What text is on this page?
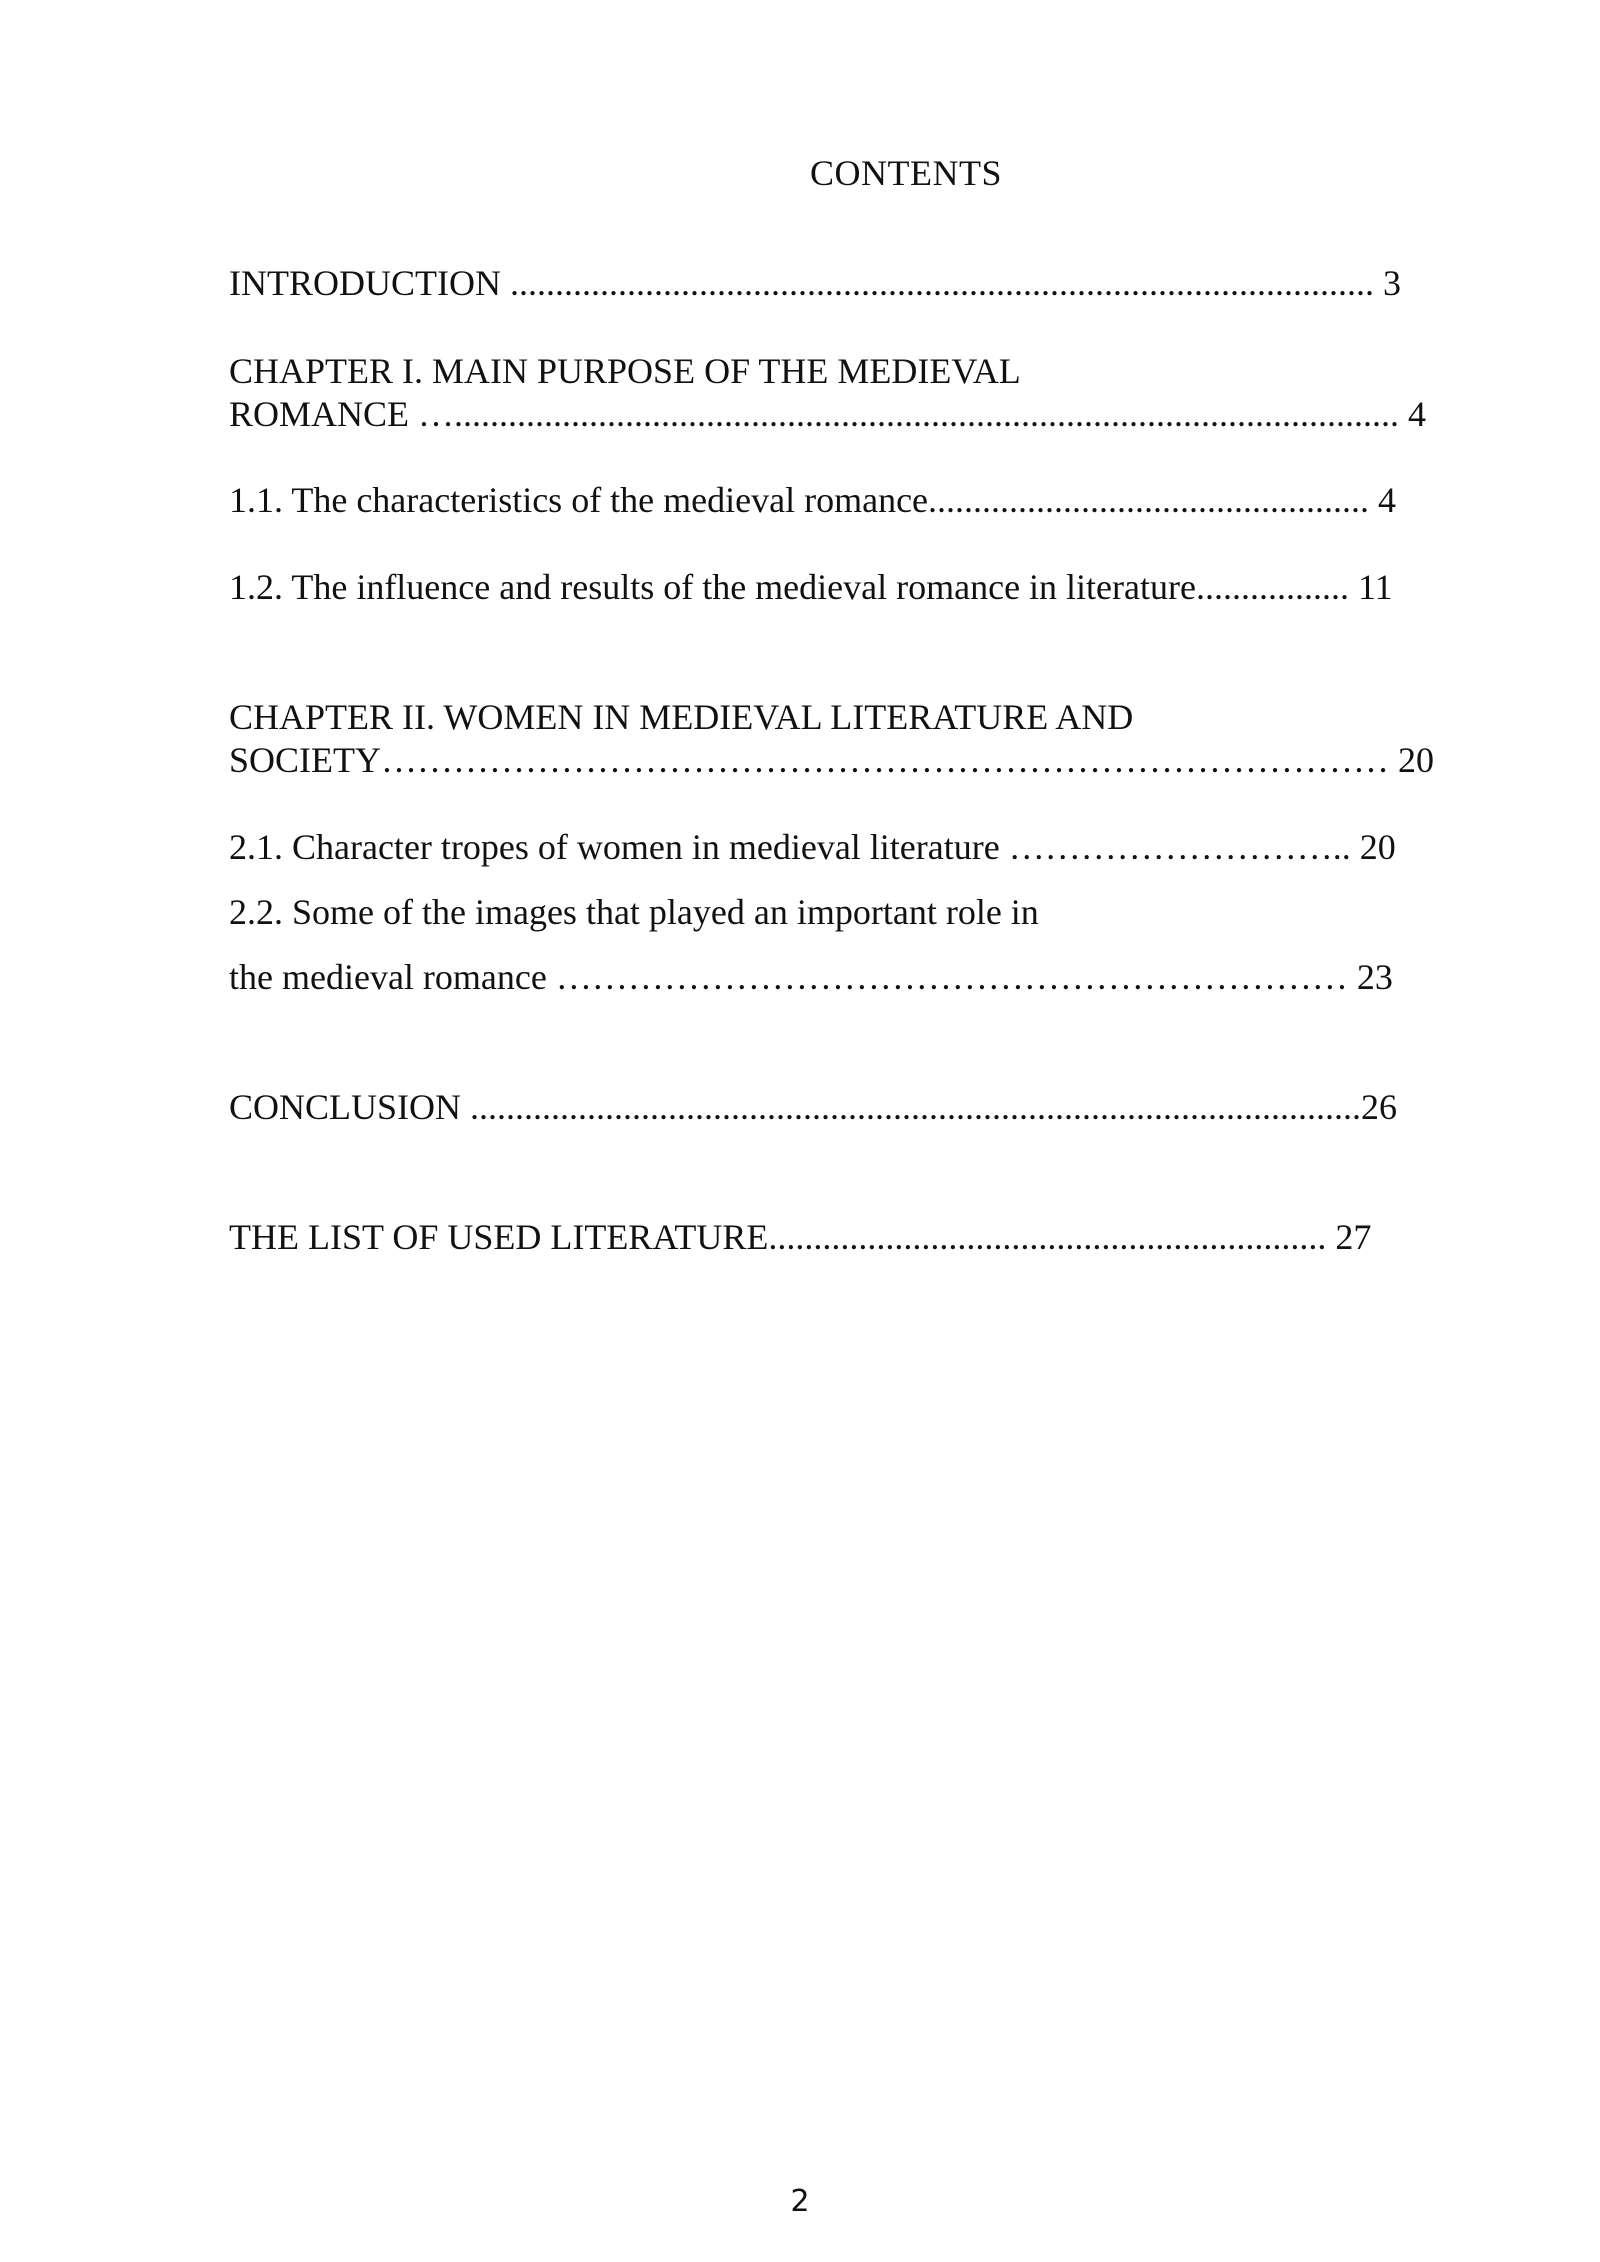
CONTENTS
INTRODUCTION ................................................................................................ 3
CHAPTER I. MAIN PURPOSE OF THE MEDIEVAL
ROMANCE …......................................................................................................... 4
1.1. The characteristics of the medieval romance................................................. 4
1.2. The influence and results of the medieval romance in literature................. 11
CHAPTER II. WOMEN IN MEDIEVAL LITERATURE AND
SOCIETY………………………………………………………………………… 20
2.1. Character tropes of women in medieval literature ……………………….. 20
2.2. Some of the images that played an important role in
the medieval romance ………………………………………………………… 23
CONCLUSION ...................................................................................................26
THE LIST OF USED LITERATURE.............................................................. 27
2
